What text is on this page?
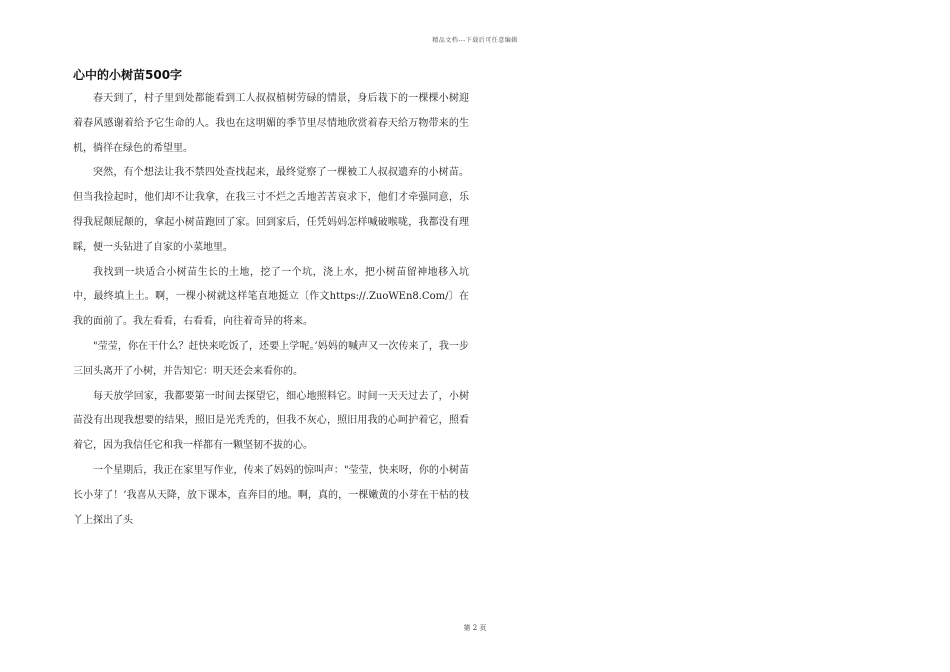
精品文档---下载后可任意编辑
心中的小树苗500字

春天到了，村子里到处都能看到工人叔叔植树劳碌的情景，身后栽下的一棵棵小树迎着春风感谢着给予它生命的人。我也在这明媚的季节里尽情地欣赏着春天给万物带来的生机，徜徉在绿色的希望里。

突然，有个想法让我不禁四处查找起来，最终觉察了一棵被工人叔叔遗弃的小树苗。但当我捡起时，他们却不让我拿，在我三寸不烂之舌地苦苦哀求下，他们才牵强同意，乐得我屁颠屁颠的，拿起小树苗跑回了家。回到家后，任凭妈妈怎样喊破喉咙，我都没有理睬，便一头钻进了自家的小菜地里。

我找到一块适合小树苗生长的土地，挖了一个坑，浇上水，把小树苗留神地移入坑中，最终填上土。啊，一棵小树就这样笔直地挺立〔作文https://.ZuoWEn8.Com/〕在我的面前了。我左看看，右看看，向往着奇异的将来。

"莹莹，你在干什么？赶快来吃饭了，还要上学呢。’妈妈的喊声又一次传来了，我一步三回头离开了小树，并告知它：明天还会来看你的。

每天放学回家，我都要第一时间去探望它，细心地照料它。时间一天天过去了，小树苗没有出现我想要的结果，照旧是光秃秃的，但我不灰心，照旧用我的心呵护着它，照看着它，因为我信任它和我一样都有一颗坚韧不拔的心。

一个星期后，我正在家里写作业，传来了妈妈的惊叫声："莹莹，快来呀，你的小树苗长小芽了！’我喜从天降，放下课本，直奔目的地。啊，真的，一棵嫩黄的小芽在干枯的枝丫上探出了头

第 2 页
